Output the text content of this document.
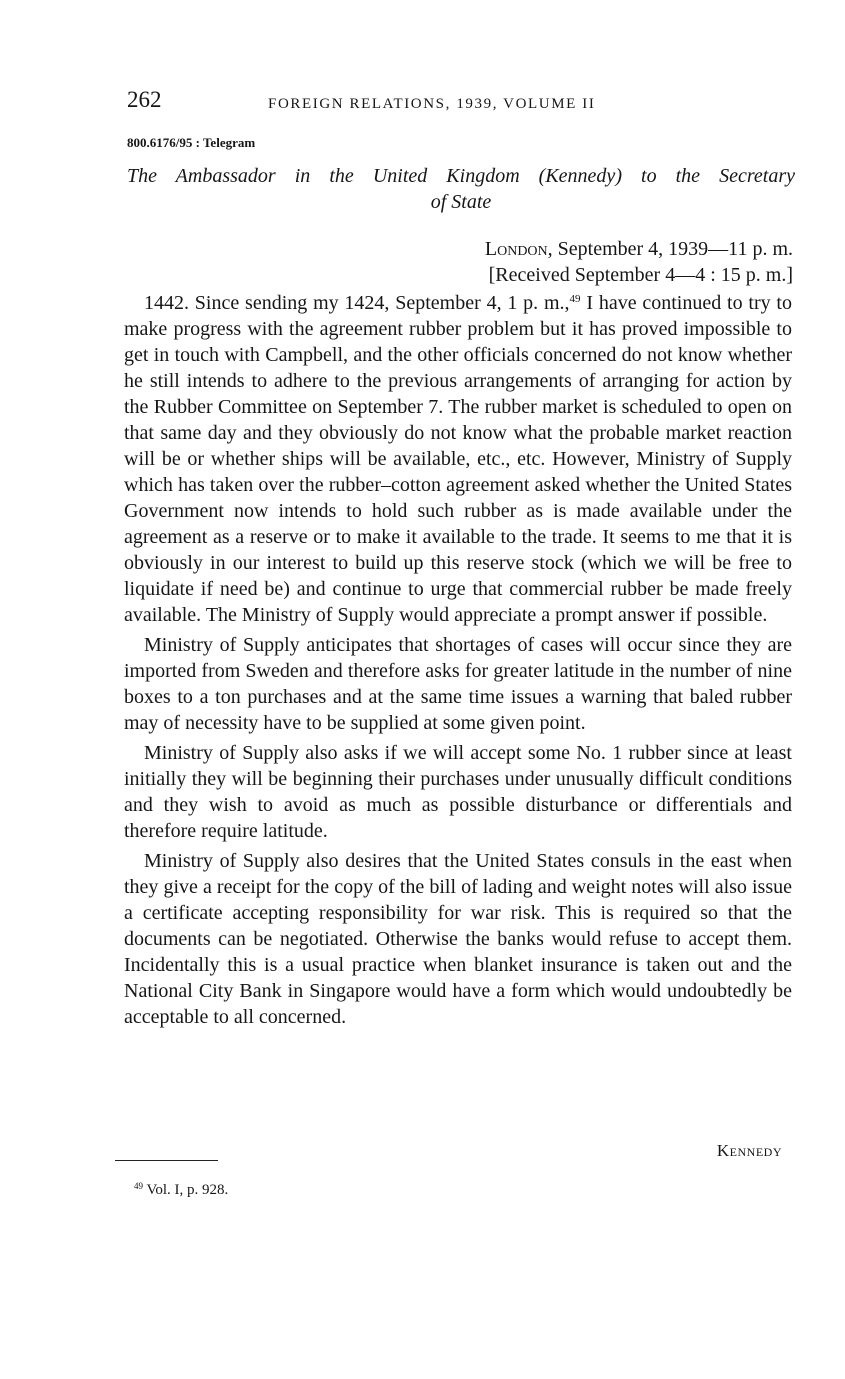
262	FOREIGN RELATIONS, 1939, VOLUME II
800.6176/95 : Telegram
The Ambassador in the United Kingdom (Kennedy) to the Secretary
of State
London, September 4, 1939—11 p. m.
[Received September 4—4 : 15 p. m.]

1442. Since sending my 1424, September 4, 1 p. m.,$^{49}$ I have continued to try to make progress with the agreement rubber problem but it has proved impossible to get in touch with Campbell, and the other officials concerned do not know whether he still intends to adhere to the previous arrangements of arranging for action by the Rubber Committee on September 7. The rubber market is scheduled to open on that same day and they obviously do not know what the probable market reaction will be or whether ships will be available, etc., etc. However, Ministry of Supply which has taken over the rubber–cotton agreement asked whether the United States Government now intends to hold such rubber as is made available under the agreement as a reserve or to make it available to the trade. It seems to me that it is obviously in our interest to build up this reserve stock (which we will be free to liquidate if need be) and continue to urge that commercial rubber be made freely available. The Ministry of Supply would appreciate a prompt answer if possible.

Ministry of Supply anticipates that shortages of cases will occur since they are imported from Sweden and therefore asks for greater latitude in the number of nine boxes to a ton purchases and at the same time issues a warning that baled rubber may of necessity have to be supplied at some given point.

Ministry of Supply also asks if we will accept some No. 1 rubber since at least initially they will be beginning their purchases under unusually difficult conditions and they wish to avoid as much as possible disturbance or differentials and therefore require latitude.

Ministry of Supply also desires that the United States consuls in the east when they give a receipt for the copy of the bill of lading and weight notes will also issue a certificate accepting responsibility for war risk. This is required so that the documents can be negotiated. Otherwise the banks would refuse to accept them. Incidentally this is a usual practice when blanket insurance is taken out and the National City Bank in Singapore would have a form which would undoubtedly be acceptable to all concerned.

Kennedy
$^{49}$ Vol. I, p. 928.
